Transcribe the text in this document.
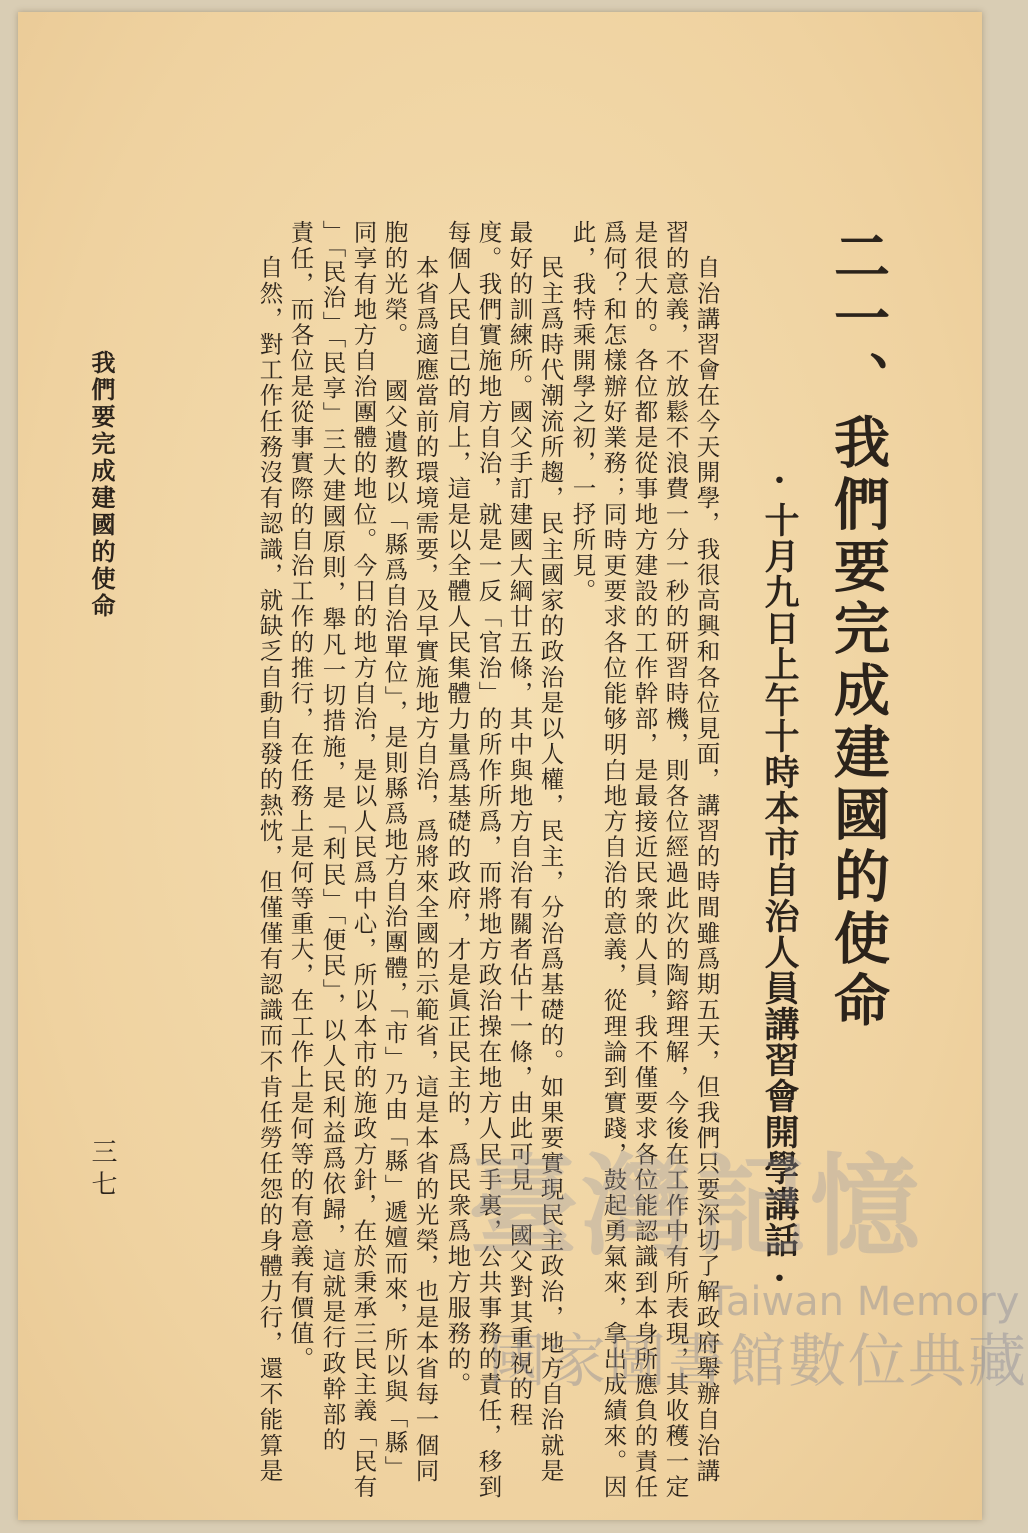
二一、我們要完成建國的使命
·十月九日上午十時本市自治人員講習會開學講話·
自治講習會在今天開學，我很高興和各位見面，講習的時間雖爲期五天，但我們只要深切了解政府舉辦自治講
習的意義，不放鬆不浪費一分一秒的研習時機，則各位經過此次的陶鎔理解，今後在工作中有所表現，其收穫一定
是很大的。各位都是從事地方建設的工作幹部，是最接近民衆的人員，我不僅要求各位能認識到本身所應負的責任
爲何？和怎樣辦好業務；同時更要求各位能够明白地方自治的意義，從理論到實踐，鼓起勇氣來，拿出成績來。因
此，我特乘開學之初，一抒所見。
民主爲時代潮流所趨，民主國家的政治是以人權，民主，分治爲基礎的。如果要實現民主政治，地方自治就是
最好的訓練所。國父手訂建國大綱廿五條，其中與地方自治有關者佔十一條，由此可見 國父對其重視的程
度。我們實施地方自治，就是一反「官治」的所作所爲，而將地方政治操在地方人民手裏，公共事務的責任，移到
每個人民自己的肩上，這是以全體人民集體力量爲基礎的政府，才是眞正民主的，爲民衆爲地方服務的。
本省爲適應當前的環境需要，及早實施地方自治，爲將來全國的示範省，這是本省的光榮，也是本省每一個同
胞的光榮。 國父遺教以「縣爲自治單位」，是則縣爲地方自治團體，「市」乃由「縣」遞嬗而來，所以與「縣」
同享有地方自治團體的地位。今日的地方自治，是以人民爲中心，所以本市的施政方針，在於秉承三民主義「民有
」「民治」「民享」三大建國原則，舉凡一切措施，是「利民」「便民」，以人民利益爲依歸，這就是行政幹部的
責任，而各位是從事實際的自治工作的推行，在任務上是何等重大，在工作上是何等的有意義有價值。
自然，對工作任務沒有認識，就缺乏自動自發的熱忱，但僅僅有認識而不肯任勞任怨的身體力行，還不能算是
我們要完成建國的使命
三七	臺灣記憶
Taiwan Memory
國家圖書館數位典藏
